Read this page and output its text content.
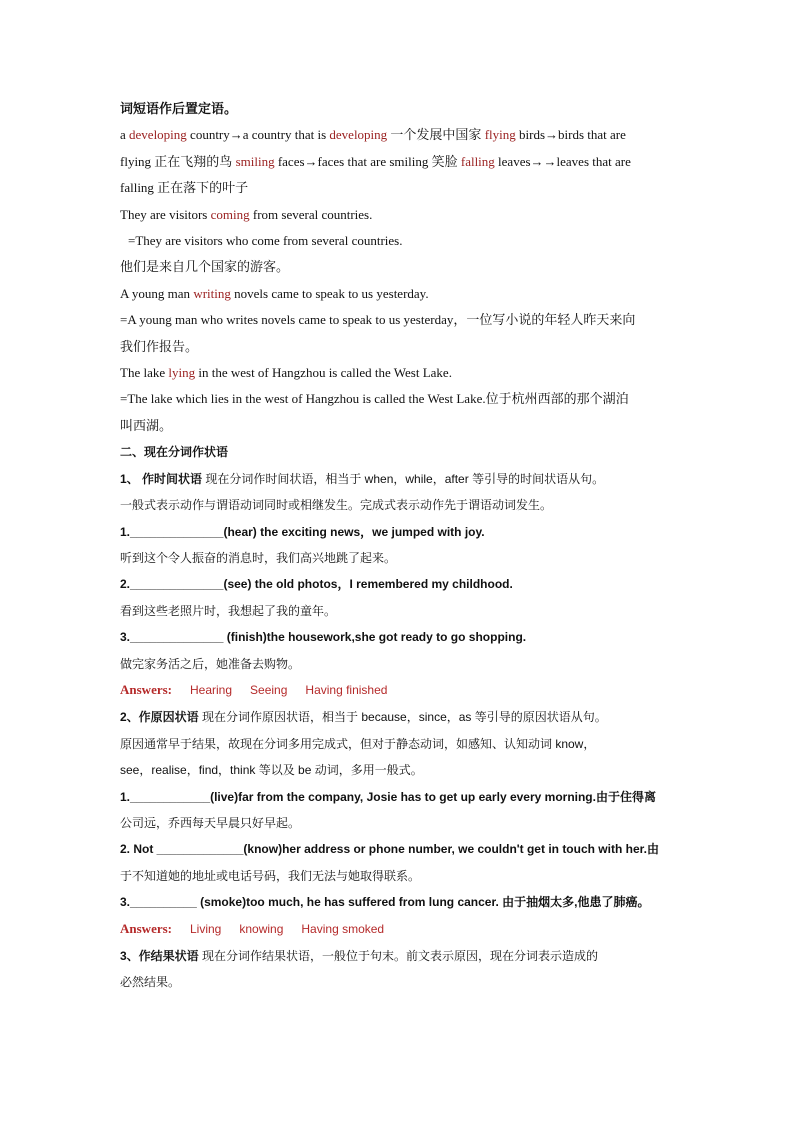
词短语作后置定语。
a developing country→a country that is developing 一个发展中国家 flying birds→birds that are
flying 正在飞翔的鸟 smiling faces→faces that are smiling 笑脸 falling leaves→→leaves that are
falling 正在落下的叶子
They are visitors coming from several countries.
=They are visitors who come from several countries.
他们是来自几个国家的游客。
A young man writing novels came to speak to us yesterday.
=A young man who writes novels came to speak to us yesterday，一位写小说的年轻人昨天来向
我们作报告。
The lake lying in the west of Hangzhou is called the West Lake.
=The lake which lies in the west of Hangzhou is called the West Lake.位于杭州西部的那个湖泊
叫西湖。
二、现在分词作状语
1、 作时间状语 现在分词作时间状语，相当于 when，while，after 等引导的时间状语从句。
一般式表示动作与谓语动词同时或相继发生。完成式表示动作先于谓语动词发生。
1.______________(hear) the exciting news，we jumped with joy.
听到这个令人振奋的消息时，我们高兴地跳了起来。
2.______________(see) the old photos，I remembered my childhood.
看到这些老照片时，我想起了我的童年。
3.______________ (finish)the housework,she got ready to go shopping.
做完家务活之后，她准备去购物。
Answers: Hearing Seeing Having finished
2、作原因状语 现在分词作原因状语，相当于 because，since，as 等引导的原因状语从句。
原因通常早于结果，故现在分词多用完成式，但对于静态动词，如感知、认知动词 know，
see，realise，find，think 等以及 be 动词，多用一般式。
1.____________(live)far from the company, Josie has to get up early every morning.由于住得离
公司远，乔西每天早晨只好早起。
2. Not _____________(know)her address or phone number, we couldn't get in touch with her.由
于不知道她的地址或电话号码，我们无法与她取得联系。
3.__________ (smoke)too much, he has suffered from lung cancer. 由于抽烟太多,他患了肺癌。
Answers: Living knowing Having smoked
3、作结果状语 现在分词作结果状语，一般位于句末。前文表示原因，现在分词表示造成的
必然结果。
